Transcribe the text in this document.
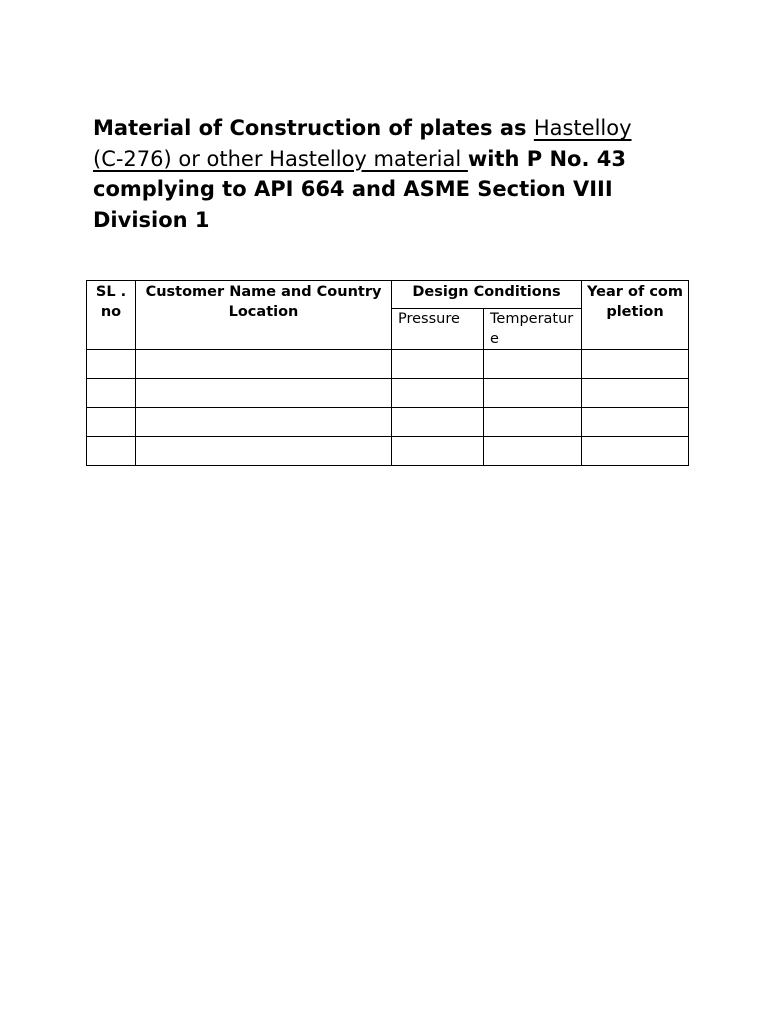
Material of Construction of plates as Hastelloy (C-276) or other Hastelloy material with P No. 43 complying to API 664 and ASME Section VIII Division 1

SL . no	Customer Name and Country Location	Design Conditions		Year of completion

		Pressure	Temperature	
